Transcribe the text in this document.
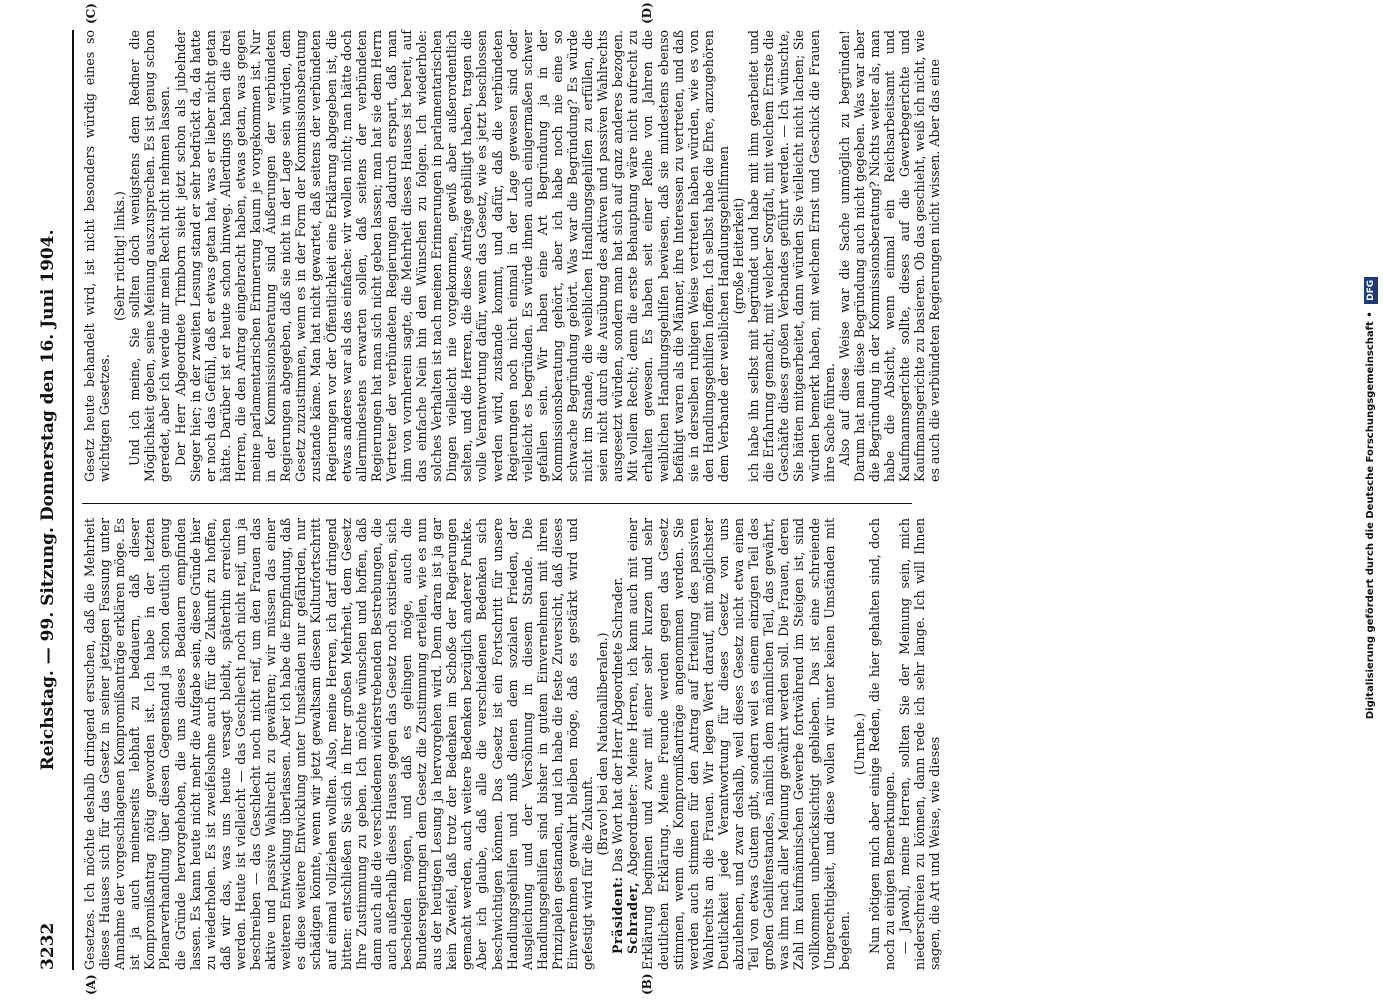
3232
Reichstag. — 99. Sitzung. Donnerstag den 16. Juni 1904.
(A)	(B)
(C)	(D)

Gesetzes. Ich möchte deshalb dringend ersuchen, daß die Mehrheit dieses Hauses sich für das Gesetz in seiner jetzigen Fassung unter Annahme der vorgeschlagenen Kompromißanträge erklären möge. Es ist ja auch meinerseits lebhaft zu bedauern, daß dieser Kompromißantrag nötig geworden ist. Ich habe in der letzten Plenarverhandlung über diesen Gegenstand ja schon deutlich genug die Gründe hervorgehoben, die uns dieses Bedauern empfinden lassen. Es kann heute nicht mehr die Aufgabe sein, diese Gründe hier zu wiederholen. Es ist zweifelsohne auch für die Zukunft zu hoffen, daß wir das, was uns heute versagt bleibt, späterhin erreichen werden. Heute ist vielleicht — das Geschlecht noch nicht reif, um ja beschreiben — das Geschlecht noch nicht reif, um den Frauen das aktive und passive Wahlrecht zu gewähren; wir müssen das einer weiteren Entwicklung überlassen. Aber ich habe die Empfindung, daß es diese weitere Entwicklung unter Umständen nur gefährden, nur schädigen könnte, wenn wir jetzt gewaltsam diesen Kulturfortschritt auf einmal vollziehen wollten. Also, meine Herren, ich darf dringend bitten: entschließen Sie sich in Ihrer großen Mehrheit, dem Gesetz Ihre Zustimmung zu geben. Ich möchte wünschen und hoffen, daß dann auch alle die verschiedenen widerstrebenden Bestrebungen, die auch außerhalb dieses Hauses gegen das Gesetz noch existieren, sich bescheiden mögen, und daß es gelingen möge, auch die Bundesregierungen dem Gesetz die Zustimmung erteilen, wie es nun aus der heutigen Lesung ja hervorgehen wird. Denn daran ist ja gar kein Zweifel, daß trotz der Bedenken im Schoße der Regierungen gemacht werden, auch weitere Bedenken bezüglich anderer Punkte. Aber ich glaube, daß alle die verschiedenen Bedenken sich beschwichtigen können. Das Gesetz ist ein Fortschritt für unsere Handlungsgehilfen und muß dienen dem sozialen Frieden, der Ausgleichung und der Versöhnung in diesem Stande. Die Handlungsgehilfen sind bisher in gutem Einvernehmen mit ihren Prinzipalen gestanden, und ich habe die feste Zuversicht, daß dieses Einvernehmen gewahrt bleiben möge, daß es gestärkt wird und gefestigt wird für die Zukunft.

(Bravo! bei den Nationalliberalen.)

Präsident: Das Wort hat der Herr Abgeordnete Schrader.

Schrader, Abgeordneter: Meine Herren, ich kann auch mit einer Erklärung beginnen und zwar mit einer sehr kurzen und sehr deutlichen Erklärung. Meine Freunde werden gegen das Gesetz stimmen, wenn die Kompromißanträge angenommen werden. Sie werden auch stimmen für den Antrag auf Erteilung des passiven Wahlrechts an die Frauen. Wir legen Wert darauf, mit möglichster Deutlichkeit jede Verantwortung für dieses Gesetz von uns abzulehnen, und zwar deshalb, weil dieses Gesetz nicht etwa einen Teil von etwas Gutem gibt, sondern weil es einem einzigen Teil des großen Gehilfenstandes, nämlich dem männlichen Teil, das gewährt, was ihm nach aller Meinung gewährt werden soll. Die Frauen, deren Zahl im kaufmännischen Gewerbe fortwährend im Steigen ist, sind vollkommen unberücksichtigt geblieben. Das ist eine schreiende Ungerechtigkeit, und diese wollen wir unter keinen Umständen mit begehen.

(Unruhe.) Nun nötigen mich aber einige Reden, die hier gehalten sind, doch noch zu einigen Bemerkungen. — Jawohl, meine Herren, sollten Sie der Meinung sein, mich niederschreien zu können, dann rede ich sehr lange. Ich will Ihnen sagen, die Art und Weise, wie dieses

Gesetz heute behandelt wird, ist nicht besonders würdig eines so wichtigen Gesetzes.

(Sehr richtig! links.) Und ich meine, Sie sollten doch wenigstens dem Redner die Möglichkeit geben, seine Meinung auszusprechen. Es ist genug schon geredet, aber ich werde mir mein Recht nicht nehmen lassen. Der Herr Abgeordnete Trimborn sieht jetzt schon als jubelnder Sieger hier; in der zweiten Lesung stand er sehr bedrückt da, da hatte er noch das Gefühl, daß er etwas getan hat, was er lieber nicht getan hätte. Darüber ist er heute schon hinweg. Allerdings haben die drei Herren, die den Antrag eingebracht haben, etwas getan, was gegen meine parlamentarischen Erinnerung kaum je vorgekommen ist. Nur in der Kommissionsberatung sind Äußerungen der verbündeten Regierungen abgegeben, daß sie nicht in der Lage sein würden, dem Gesetz zuzustimmen, wenn es in der Form der Kommissionsberatung zustande käme. Man hat nicht gewartet, daß seitens der verbündeten Regierungen vor der Öffentlichkeit eine Erklärung abgegeben ist, die etwas anderes war als das einfache: wir wollen nicht; man hätte doch allermindestens erwarten sollen, daß seitens der verbündeten Regierungen hat man sich nicht geben lassen; man hat sie dem Herrn Vertreter der verbündeten Regierungen dadurch erspart, daß man ihm von vornherein sagte, die Mehrheit dieses Hauses ist bereit, auf das einfache Nein hin den Wünschen zu folgen. Ich wiederhole: solches Verhalten ist nach meinen Erinnerungen in parlamentarischen Dingen vielleicht nie vorgekommen, gewiß aber außerordentlich selten, und die Herren, die diese Anträge gebilligt haben, tragen die volle Verantwortung dafür, wenn das Gesetz, wie es jetzt beschlossen werden wird, zustande kommt, und dafür, daß die verbündeten Regierungen noch nicht einmal in der Lage gewesen sind oder vielleicht es begründen. Es würde ihnen auch einigermaßen schwer gefallen sein. Wir haben eine Art Begründung ja in der Kommissionsberatung gehört, aber ich habe noch nie eine so schwache Begründung gehört. Was war die Begründung? Es würde nicht im Stande, die weiblichen Handlungsgehilfen zu erfüllen, die seien nicht durch die Ausübung des aktiven und passiven Wahlrechts ausgesetzt würden, sondern man hat sich auf ganz anderes bezogen. Mit vollem Recht; denn die erste Behauptung wäre nicht aufrecht zu erhalten gewesen. Es haben seit einer Reihe von Jahren die weiblichen Handlungsgehilfen bewiesen, daß sie mindestens ebenso befähigt waren als die Männer, ihre Interessen zu vertreten, und daß sie in derselben ruhigen Weise vertreten haben würden, wie es von den Handlungsgehilfen hoffen. Ich selbst habe die Ehre, anzugehören dem Verbande der weiblichen Handlungsgehilfinnen (große Heiterkeit) ich habe ihn selbst mit begründet und habe mit ihm gearbeitet und die Erfahrung gemacht, mit welcher Sorgfalt, mit welchem Ernste die Geschäfte dieses großen Verbandes geführt werden. — Ich wünschte, Sie hätten mitgearbeitet, dann würden Sie vielleicht nicht lachen; Sie würden bemerkt haben, mit welchem Ernst und Geschick die Frauen ihre Sache führen. Also auf diese Weise war die Sache unmöglich zu begründen! Darum hat man diese Begründung auch nicht gegeben. Was war aber die Begründung in der Kommissionsberatung? Nichts weiter als, man habe die Absicht, wenn einmal ein Reichsarbeitsamt und Kaufmannsgerichte sollte, dieses auf die Gewerbegerichte und Kaufmannsgerichte zu basieren. Ob das geschieht, weiß ich nicht, wie es auch die verbündeten Regierungen nicht wissen. Aber das eine

Digitalisierung gefördert durch die Deutsche Forschungsgemeinschaft • DFG
